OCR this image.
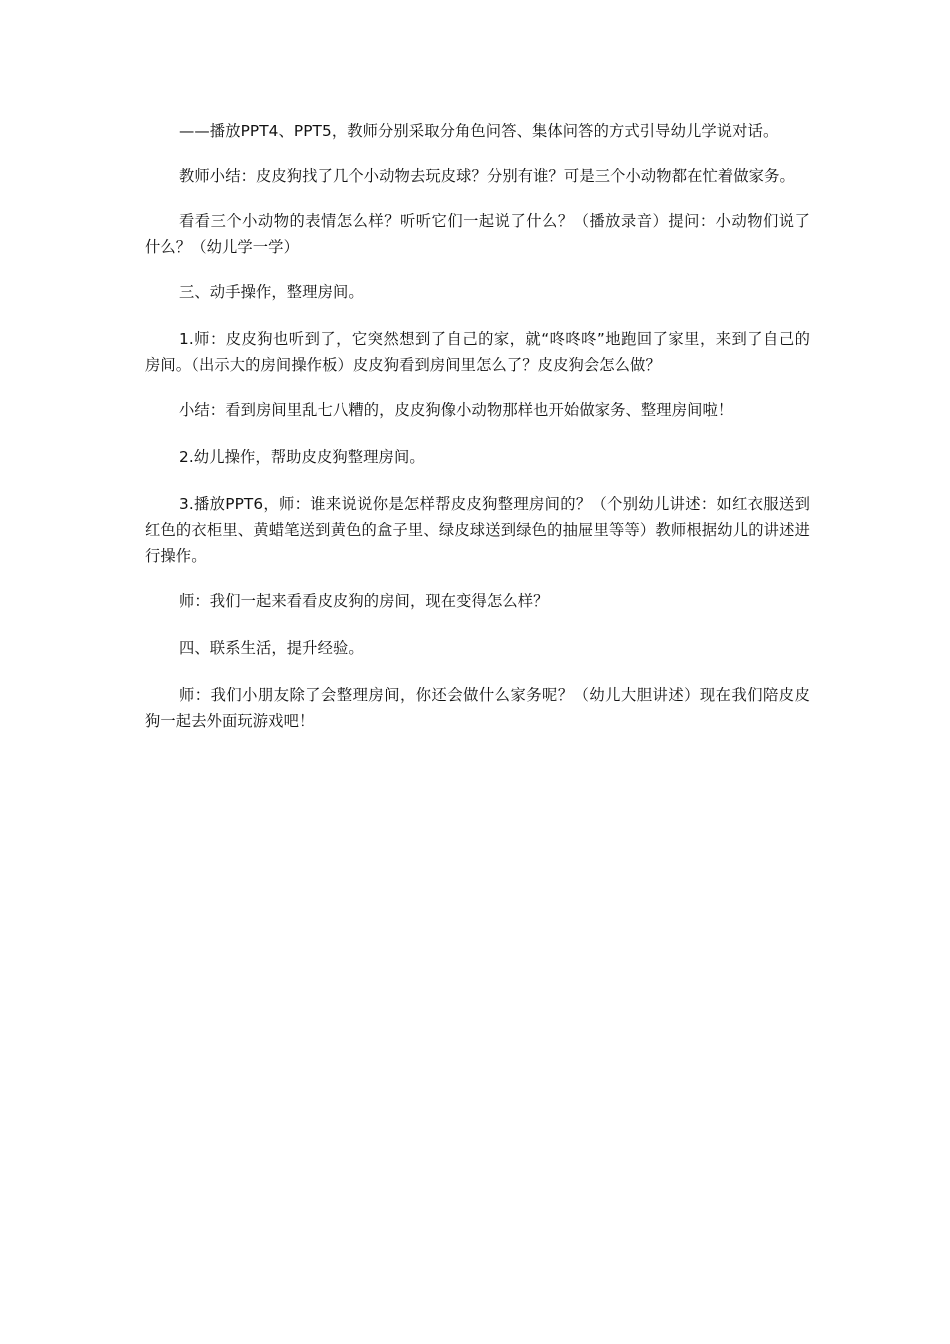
——播放PPT4、PPT5，教师分别采取分角色问答、集体问答的方式引导幼儿学说对话。

教师小结：皮皮狗找了几个小动物去玩皮球？分别有谁？可是三个小动物都在忙着做家务。

看看三个小动物的表情怎么样？听听它们一起说了什么？（播放录音）提问：小动物们说了什么？（幼儿学一学）

三、动手操作，整理房间。

1.师：皮皮狗也听到了，它突然想到了自己的家，就“咚咚咚”地跑回了家里，来到了自己的房间。（出示大的房间操作板）皮皮狗看到房间里怎么了？皮皮狗会怎么做？

小结：看到房间里乱七八糟的，皮皮狗像小动物那样也开始做家务、整理房间啦！

2.幼儿操作，帮助皮皮狗整理房间。

3.播放PPT6，师：谁来说说你是怎样帮皮皮狗整理房间的？（个别幼儿讲述：如红衣服送到红色的衣柜里、黄蜡笔送到黄色的盒子里、绿皮球送到绿色的抽屉里等等）教师根据幼儿的讲述进行操作。

师：我们一起来看看皮皮狗的房间，现在变得怎么样？

四、联系生活，提升经验。

师：我们小朋友除了会整理房间，你还会做什么家务呢？（幼儿大胆讲述）现在我们陪皮皮狗一起去外面玩游戏吧！
